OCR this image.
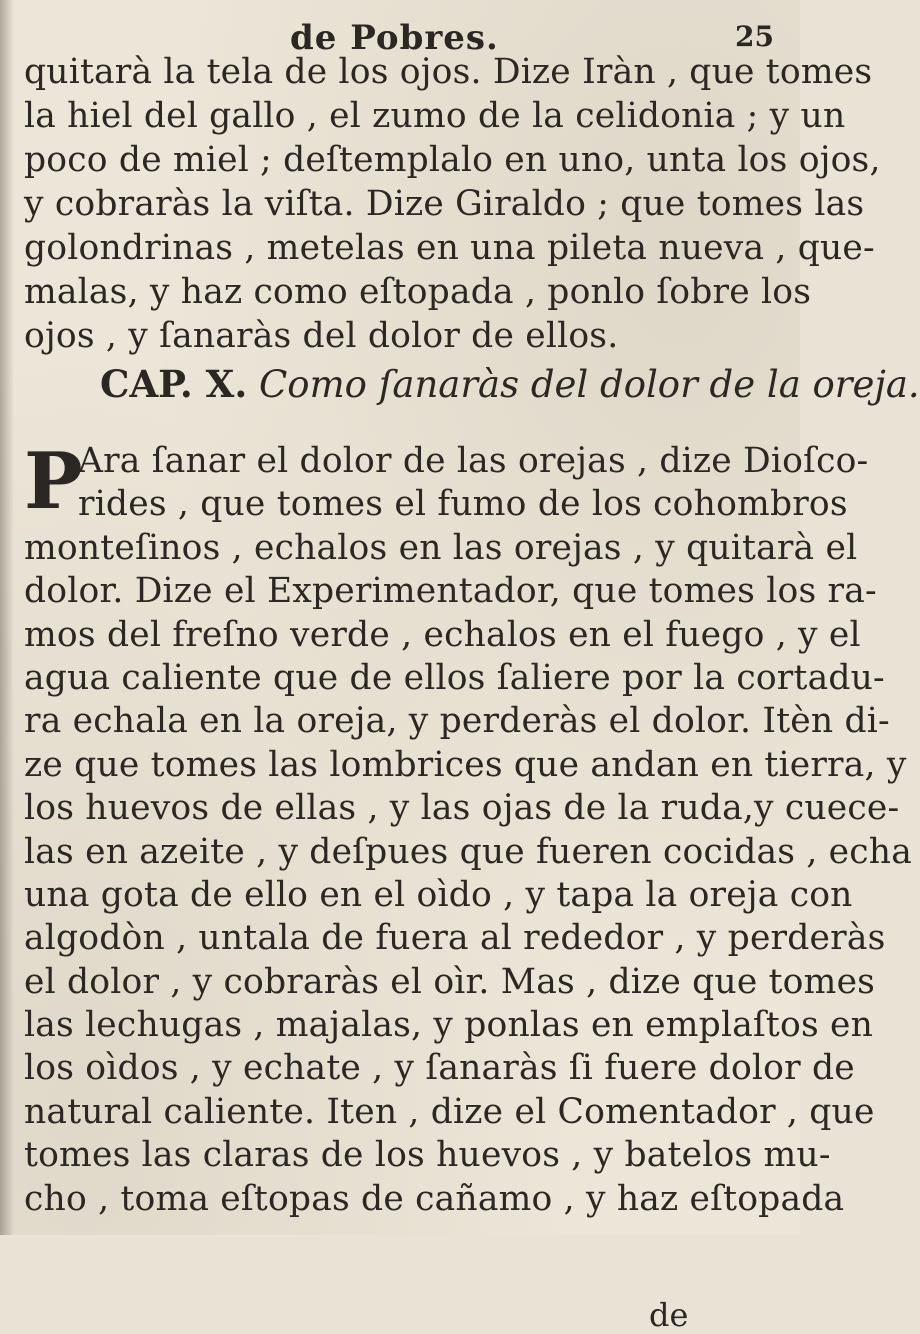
de Pobres.	25
quitarà la tela de los ojos. Dize Iràn , que tomes
la hiel del gallo , el zumo de la celidonia ; y un
poco de miel ; deſtemplalo en uno, unta los ojos,
y cobraràs la viſta. Dize Giraldo ; que tomes las
golondrinas , metelas en una pileta nueva , que-
malas, y haz como eſtopada , ponlo ſobre los
ojos , y ſanaràs del dolor de ellos.
CAP. X. Como ſanaràs del dolor de la oreja.
P
Ara ſanar el dolor de las orejas , dize Dioſco-
rides , que tomes el fumo de los cohombros
monteſinos , echalos en las orejas , y quitarà el
dolor. Dize el Experimentador, que tomes los ra-
mos del freſno verde , echalos en el fuego , y el
agua caliente que de ellos ſaliere por la cortadu-
ra echala en la oreja, y perderàs el dolor. Itèn di-
ze que tomes las lombrices que andan en tierra, y
los huevos de ellas , y las ojas de la ruda,y cuece-
las en azeite , y deſpues que fueren cocidas , echa
una gota de ello en el oìdo , y tapa la oreja con
algodòn , untala de fuera al rededor , y perderàs
el dolor , y cobraràs el oìr. Mas , dize que tomes
las lechugas , majalas, y ponlas en emplaſtos en
los oìdos , y echate , y ſanaràs ſi fuere dolor de
natural caliente. Iten , dize el Comentador , que
tomes las claras de los huevos , y batelos mu-
cho , toma eſtopas de cañamo , y haz eſtopada
de
